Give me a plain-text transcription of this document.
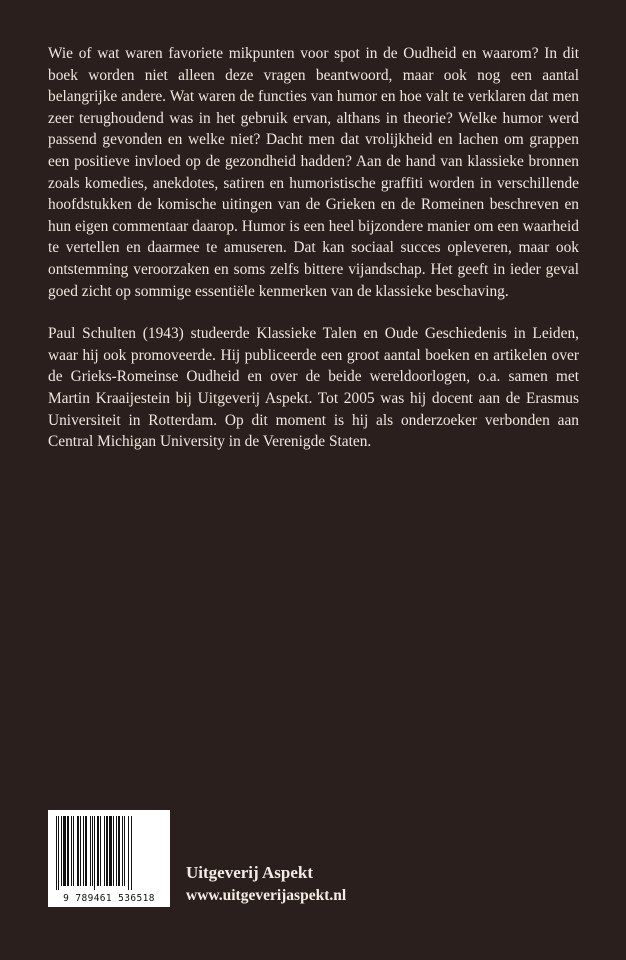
Wie of wat waren favoriete mikpunten voor spot in de Oudheid en waarom? In dit boek worden niet alleen deze vragen beantwoord, maar ook nog een aantal belangrijke andere. Wat waren de functies van humor en hoe valt te verklaren dat men zeer terughoudend was in het gebruik ervan, althans in theorie? Welke humor werd passend gevonden en welke niet? Dacht men dat vrolijkheid en lachen om grappen een positieve invloed op de gezondheid hadden? Aan de hand van klassieke bronnen zoals komedies, anekdotes, satiren en humoristische graffiti worden in verschillende hoofdstukken de komische uitingen van de Grieken en de Romeinen beschreven en hun eigen commentaar daarop. Humor is een heel bijzondere manier om een waarheid te vertellen en daarmee te amuseren. Dat kan sociaal succes opleveren, maar ook ontstemming veroorzaken en soms zelfs bittere vijandschap. Het geeft in ieder geval goed zicht op sommige essentiële kenmerken van de klassieke beschaving.

Paul Schulten (1943) studeerde Klassieke Talen en Oude Geschiedenis in Leiden, waar hij ook promoveerde. Hij publiceerde een groot aantal boeken en artikelen over de Grieks-Romeinse Oudheid en over de beide wereldoorlogen, o.a. samen met Martin Kraaijestein bij Uitgeverij Aspekt. Tot 2005 was hij docent aan de Erasmus Universiteit in Rotterdam. Op dit moment is hij als onderzoeker verbonden aan Central Michigan University in de Verenigde Staten.

9 789461 536518
Uitgeverij Aspekt
www.uitgeverijaspekt.nl
